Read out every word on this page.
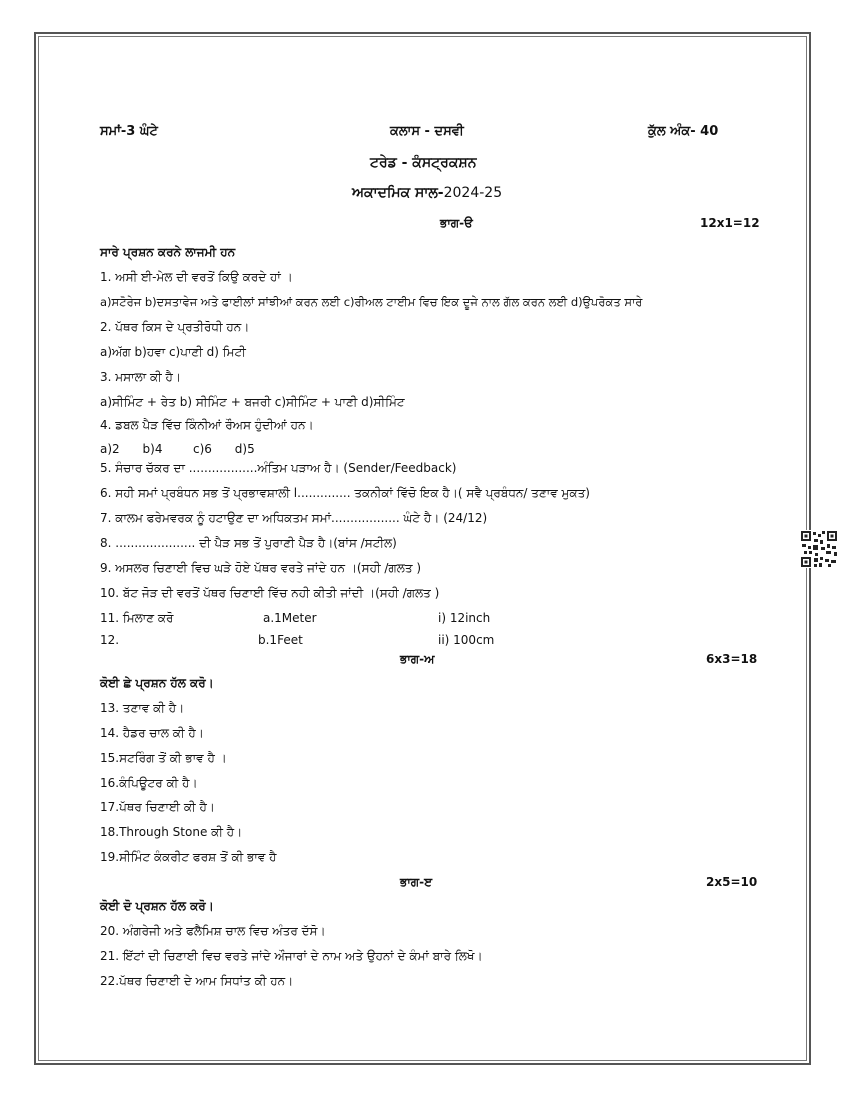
ਸਮਾਂ-3 ਘੰਟੇ	ਕਲਾਸ - ਦਸਵੀ	ਕੁੱਲ ਅੰਕ- 40
ਟਰੇਡ - ਕੰਸਟ੍ਰਕਸ਼ਨ
ਅਕਾਦਮਿਕ ਸਾਲ-2024-25
ਭਾਗ-ੳ	12x1=12
ਸਾਰੇ ਪ੍ਰਸ਼ਨ ਕਰਨੇ ਲਾਜਮੀ ਹਨ
1. ਅਸੀ ਈ-ਮੇਲ ਦੀ ਵਰਤੋਂ ਕਿਉ ਕਰਦੇ ਹਾਂ ।
a)ਸਟੋਰੇਜ b)ਦਸਤਾਵੇਜ ਅਤੇ ਫਾਈਲਾਂ ਸਾਂਝੀਆਂ ਕਰਨ ਲਈ c)ਰੀਅਲ ਟਾਈਮ ਵਿਚ ਇਕ ਦੂਜੇ ਨਾਲ ਗੱਲ ਕਰਨ ਲਈ d)ਉਪਰੋਕਤ ਸਾਰੇ
2. ਪੱਥਰ ਕਿਸ ਦੇ ਪ੍ਰਤੀਰੋਧੀ ਹਨ।
a)ਅੱਗ b)ਹਵਾ c)ਪਾਣੀ d) ਮਿਟੀ
3. ਮਸਾਲਾ ਕੀ ਹੈ।
a)ਸੀਮਿੰਟ + ਰੇਤ b) ਸੀਮਿੰਟ + ਬਜਰੀ c)ਸੀਮਿੰਟ + ਪਾਣੀ d)ਸੀਮਿੰਟ
4. ਡਬਲ ਪੈੜ ਵਿੱਚ ਕਿੰਨੀਆਂ ਰੌਅਸ ਹੁੰਦੀਆਂ ਹਨ।
a)2      b)4        c)6      d)5
5. ਸੰਚਾਰ ਚੱਕਰ ਦਾ ..................ਅੰਤਿਮ ਪੜਾਅ ਹੈ। (Sender/Feedback)
6. ਸਹੀ ਸਮਾਂ ਪ੍ਰਬੰਧਨ ਸਭ ਤੋਂ ਪ੍ਰਭਾਵਸ਼ਾਲੀ l.............. ਤਕਨੀਕਾਂ ਵਿੱਚੋ ਇਕ ਹੈ।( ਸਵੈ ਪ੍ਰਬੰਧਨ/ ਤਣਾਵ ਮੁਕਤ)
7. ਕਾਲਮ ਫਰੇਮਵਰਕ ਨੂੰ ਹਟਾਉਣ ਦਾ ਅਧਿਕਤਮ ਸਮਾਂ.................. ਘੰਟੇ ਹੈ। (24/12)
8. ..................... ਦੀ ਪੈੜ ਸਭ ਤੋਂ ਪੁਰਾਣੀ ਪੈੜ ਹੈ।(ਬਾਂਸ /ਸਟੀਲ)
9. ਅਸਲਰ ਚਿਣਾਈ ਵਿਚ ਘੜੇ ਹੋਏ ਪੱਥਰ ਵਰਤੇ ਜਾਂਦੇ ਹਨ ।(ਸਹੀ /ਗਲਤ )
10. ਬੱਟ ਜੋੜ ਦੀ ਵਰਤੋਂ ਪੱਥਰ ਚਿਣਾਈ ਵਿੱਚ ਨਹੀ ਕੀਤੀ ਜਾਂਦੀ ।(ਸਹੀ /ਗਲਤ )
11. ਮਿਲਾਣ ਕਰੋ	a.1Meter	i) 12inch
12.	b.1Feet	ii) 100cm
ਭਾਗ-ਅ	6x3=18
ਕੋਈ ਛੇ ਪ੍ਰਸ਼ਨ ਹੱਲ ਕਰੋ।
13. ਤਣਾਵ ਕੀ ਹੈ।
14. ਹੈਡਰ ਚਾਲ ਕੀ ਹੈ।
15.ਸਟਰਿੰਗ ਤੋਂ ਕੀ ਭਾਵ ਹੈ ।
16.ਕੰਪਿਊਟਰ ਕੀ ਹੈ।
17.ਪੱਥਰ ਚਿਣਾਈ ਕੀ ਹੈ।
18.Through Stone ਕੀ ਹੈ।
19.ਸੀਮਿੰਟ ਕੰਕਰੀਟ ਫਰਸ਼ ਤੋਂ ਕੀ ਭਾਵ ਹੈ
ਭਾਗ-ੲ	2x5=10
ਕੋਈ ਦੋ ਪ੍ਰਸ਼ਨ ਹੱਲ ਕਰੋ।
20. ਅੰਗਰੇਜੀ ਅਤੇ ਫਲੈਮਿਸ਼ ਚਾਲ ਵਿਚ ਅੰਤਰ ਦੱਸੋ।
21. ਇੱਟਾਂ ਦੀ ਚਿਣਾਈ ਵਿਚ ਵਰਤੇ ਜਾਂਦੇ ਔਜਾਰਾਂ ਦੇ ਨਾਮ ਅਤੇ ਉਹਨਾਂ ਦੇ ਕੰਮਾਂ ਬਾਰੇ ਲਿਖੋ।
22.ਪੱਥਰ ਚਿਣਾਈ ਦੇ ਆਮ ਸਿਧਾਂਤ ਕੀ ਹਨ।
